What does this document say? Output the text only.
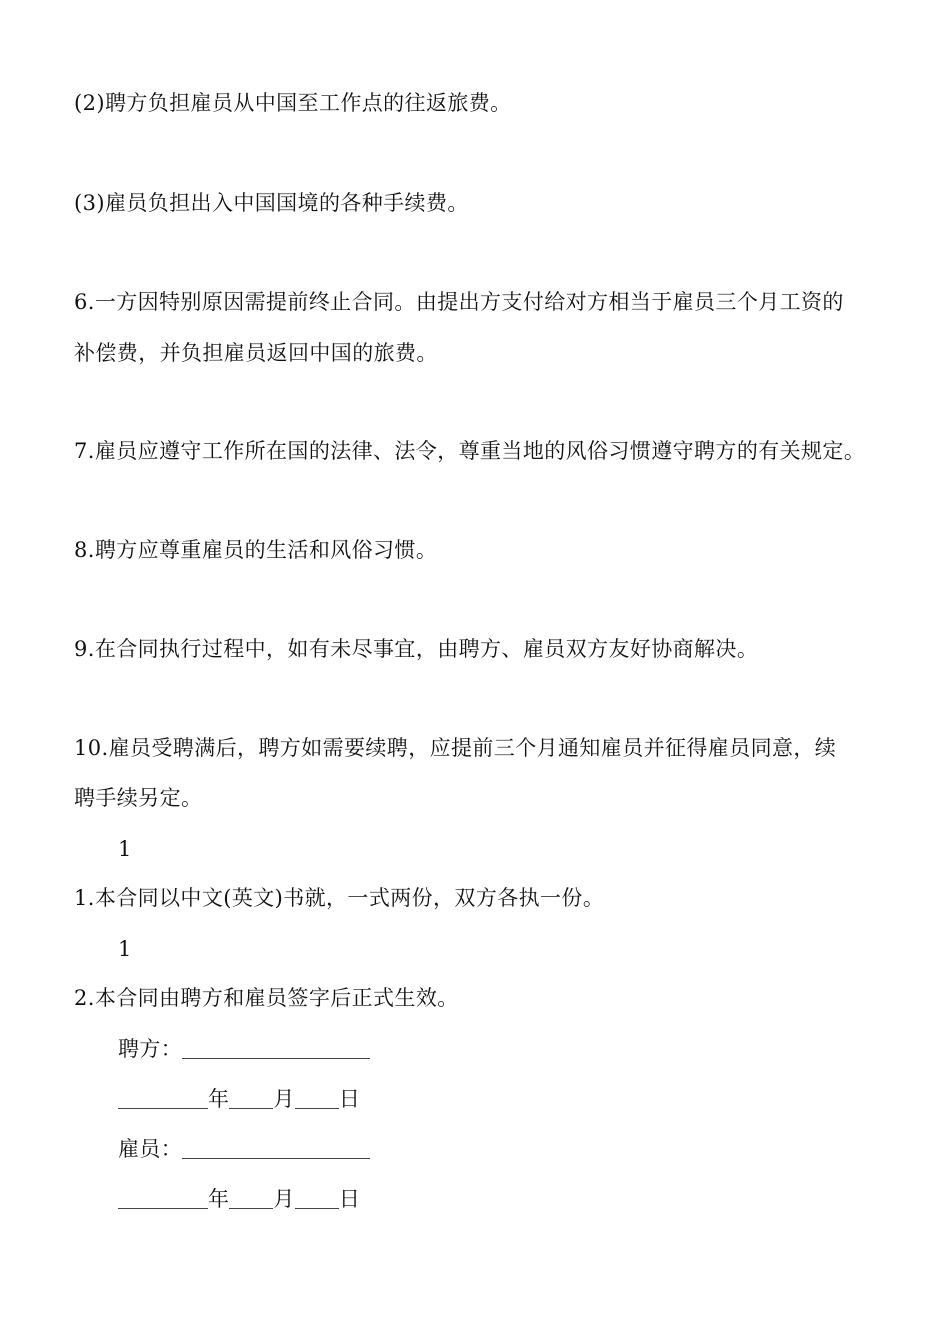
(2)聘方负担雇员从中国至工作点的往返旅费。
(3)雇员负担出入中国国境的各种手续费。
6.一方因特别原因需提前终止合同。由提出方支付给对方相当于雇员三个月工资的
补偿费，并负担雇员返回中国的旅费。
7.雇员应遵守工作所在国的法律、法令，尊重当地的风俗习惯遵守聘方的有关规定。
8.聘方应尊重雇员的生活和风俗习惯。
9.在合同执行过程中，如有未尽事宜，由聘方、雇员双方友好协商解决。
10.雇员受聘满后，聘方如需要续聘，应提前三个月通知雇员并征得雇员同意，续
聘手续另定。
1
1.本合同以中文(英文)书就，一式两份，双方各执一份。
1
2.本合同由聘方和雇员签字后正式生效。
聘方：
年 月 日
雇员：
年 月 日
